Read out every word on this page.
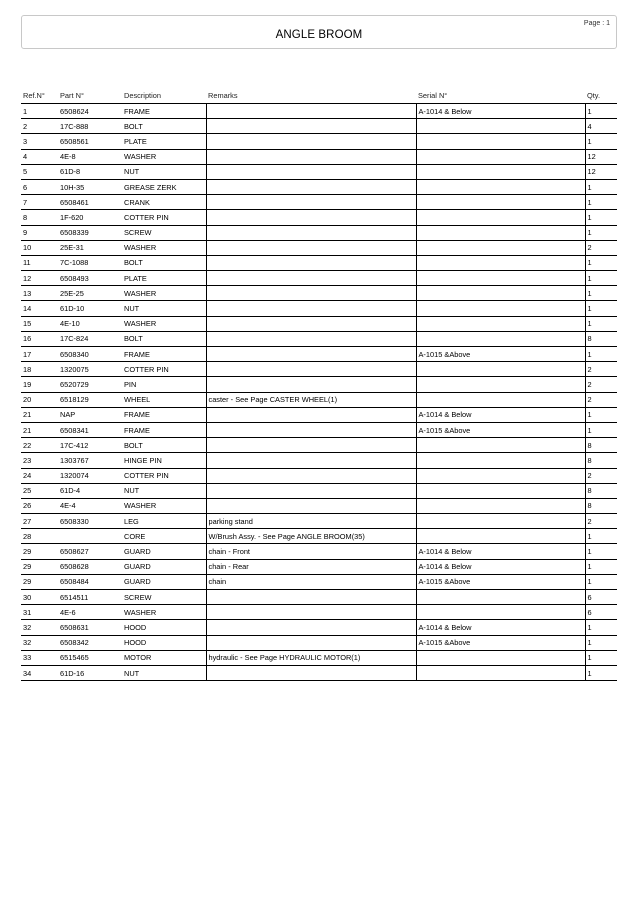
Page : 1
ANGLE BROOM
Ref.N°	Part N°	Description	Remarks	Serial N°	Qty.
1	6508624	FRAME		A-1014 & Below	1
2	17C-888	BOLT			4
3	6508561	PLATE			1
4	4E-8	WASHER			12
5	61D-8	NUT			12
6	10H-35	GREASE ZERK			1
7	6508461	CRANK			1
8	1F-620	COTTER PIN			1
9	6508339	SCREW			1
10	25E-31	WASHER			2
11	7C-1088	BOLT			1
12	6508493	PLATE			1
13	25E-25	WASHER			1
14	61D-10	NUT			1
15	4E-10	WASHER			1
16	17C-824	BOLT			8
17	6508340	FRAME		A-1015 &Above	1
18	1320075	COTTER PIN			2
19	6520729	PIN			2
20	6518129	WHEEL	caster - See Page CASTER WHEEL(1)		2
21	NAP	FRAME		A-1014 & Below	1
21	6508341	FRAME		A-1015 &Above	1
22	17C-412	BOLT			8
23	1303767	HINGE PIN			8
24	1320074	COTTER PIN			2
25	61D-4	NUT			8
26	4E-4	WASHER			8
27	6508330	LEG	parking stand		2
28		CORE	W/Brush Assy. - See Page ANGLE BROOM(35)		1
29	6508627	GUARD	chain - Front	A-1014 & Below	1
29	6508628	GUARD	chain - Rear	A-1014 & Below	1
29	6508484	GUARD	chain	A-1015 &Above	1
30	6514511	SCREW			6
31	4E-6	WASHER			6
32	6508631	HOOD		A-1014 & Below	1
32	6508342	HOOD		A-1015 &Above	1
33	6515465	MOTOR	hydraulic - See Page HYDRAULIC MOTOR(1)		1
34	61D-16	NUT			1
